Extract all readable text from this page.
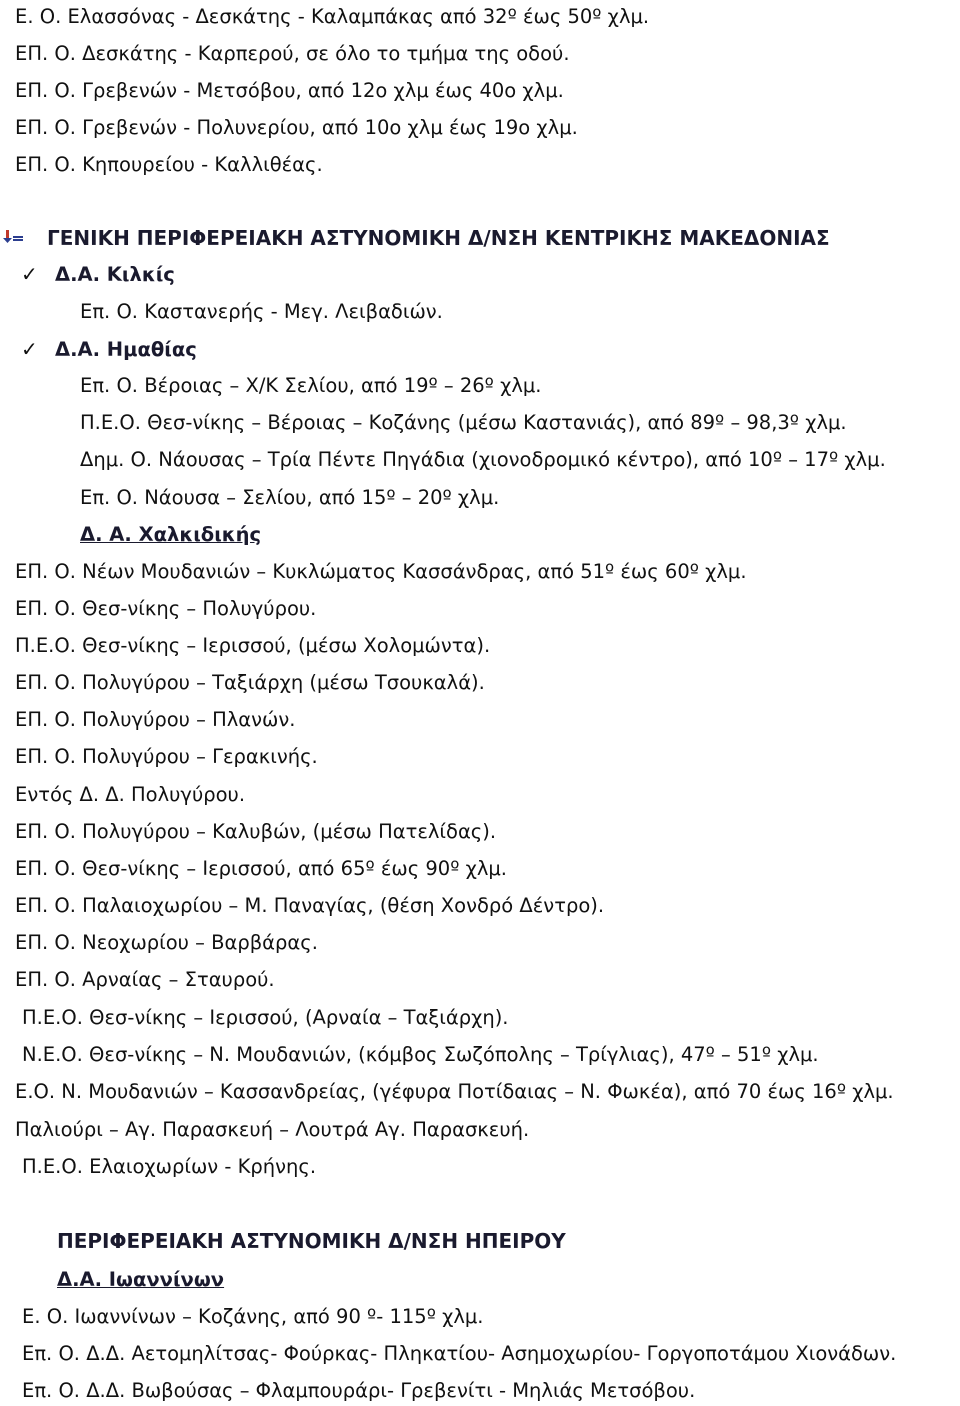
Ε. Ο. Ελασσόνας - Δεσκάτης - Καλαμπάκας από 32º έως 50º χλμ.
ΕΠ. Ο. Δεσκάτης - Καρπερού, σε όλο το τμήμα της οδού.
ΕΠ. Ο. Γρεβενών - Μετσόβου, από 12ο χλμ έως 40ο χλμ.
ΕΠ. Ο. Γρεβενών - Πολυνερίου, από 10ο χλμ έως 19ο χλμ.
ΕΠ. Ο. Κηπουρείου - Καλλιθέας.
ΓΕΝΙΚΗ ΠΕΡΙΦΕΡΕΙΑΚΗ ΑΣΤΥΝΟΜΙΚΗ Δ/ΝΣΗ ΚΕΝΤΡΙΚΗΣ ΜΑΚΕΔΟΝΙΑΣ
✓ Δ.Α. Κιλκίς
Επ. Ο. Καστανερής - Μεγ. Λειβαδιών.
✓ Δ.Α. Ημαθίας
Επ. Ο. Βέροιας – Χ/Κ Σελίου, από 19º – 26º χλμ.
Π.Ε.Ο. Θεσ-νίκης – Βέροιας – Κοζάνης (μέσω Καστανιάς), από 89º – 98,3º χλμ.
Δημ. Ο. Νάουσας – Τρία Πέντε Πηγάδια (χιονοδρομικό κέντρο), από 10º – 17º χλμ.
Επ. Ο. Νάουσα – Σελίου, από 15º – 20º χλμ.
Δ. Α. Χαλκιδικής
ΕΠ. Ο. Νέων Μουδανιών – Κυκλώματος Κασσάνδρας, από 51º έως 60º χλμ.
ΕΠ. Ο. Θεσ-νίκης – Πολυγύρου.
Π.Ε.Ο. Θεσ-νίκης – Ιερισσού, (μέσω Χολομώντα).
ΕΠ. Ο. Πολυγύρου – Ταξιάρχη (μέσω Τσουκαλά).
ΕΠ. Ο. Πολυγύρου – Πλανών.
ΕΠ. Ο. Πολυγύρου – Γερακινής.
Εντός Δ. Δ. Πολυγύρου.
ΕΠ. Ο. Πολυγύρου – Καλυβών, (μέσω Πατελίδας).
ΕΠ. Ο. Θεσ-νίκης – Ιερισσού, από 65º έως 90º χλμ.
ΕΠ. Ο. Παλαιοχωρίου – Μ. Παναγίας, (θέση Χονδρό Δέντρο).
ΕΠ. Ο. Νεοχωρίου – Βαρβάρας.
ΕΠ. Ο. Αρναίας – Σταυρού.
Π.Ε.Ο. Θεσ-νίκης – Ιερισσού, (Αρναία – Ταξιάρχη).
Ν.Ε.Ο. Θεσ-νίκης – Ν. Μουδανιών, (κόμβος Σωζόπολης – Τρίγλιας), 47º – 51º χλμ.
Ε.Ο. Ν. Μουδανιών – Κασσανδρείας, (γέφυρα Ποτίδαιας – Ν. Φωκέα), από 70 έως 16º χλμ.
Παλιούρι – Αγ. Παρασκευή – Λουτρά Αγ. Παρασκευή.
Π.Ε.Ο. Ελαιοχωρίων - Κρήνης.
ΠΕΡΙΦΕΡΕΙΑΚΗ ΑΣΤΥΝΟΜΙΚΗ Δ/ΝΣΗ ΗΠΕΙΡΟΥ
Δ.Α. Ιωαννίνων
Ε. Ο. Ιωαννίνων – Κοζάνης, από 90 º- 115º χλμ.
Επ. Ο. Δ.Δ. Αετομηλίτσας- Φούρκας- Πληκατίου- Ασημοχωρίου- Γοργοποτάμου Χιονάδων.
Επ. Ο. Δ.Δ. Βωβούσας – Φλαμπουράρι- Γρεβενίτι - Μηλιάς Μετσόβου.
